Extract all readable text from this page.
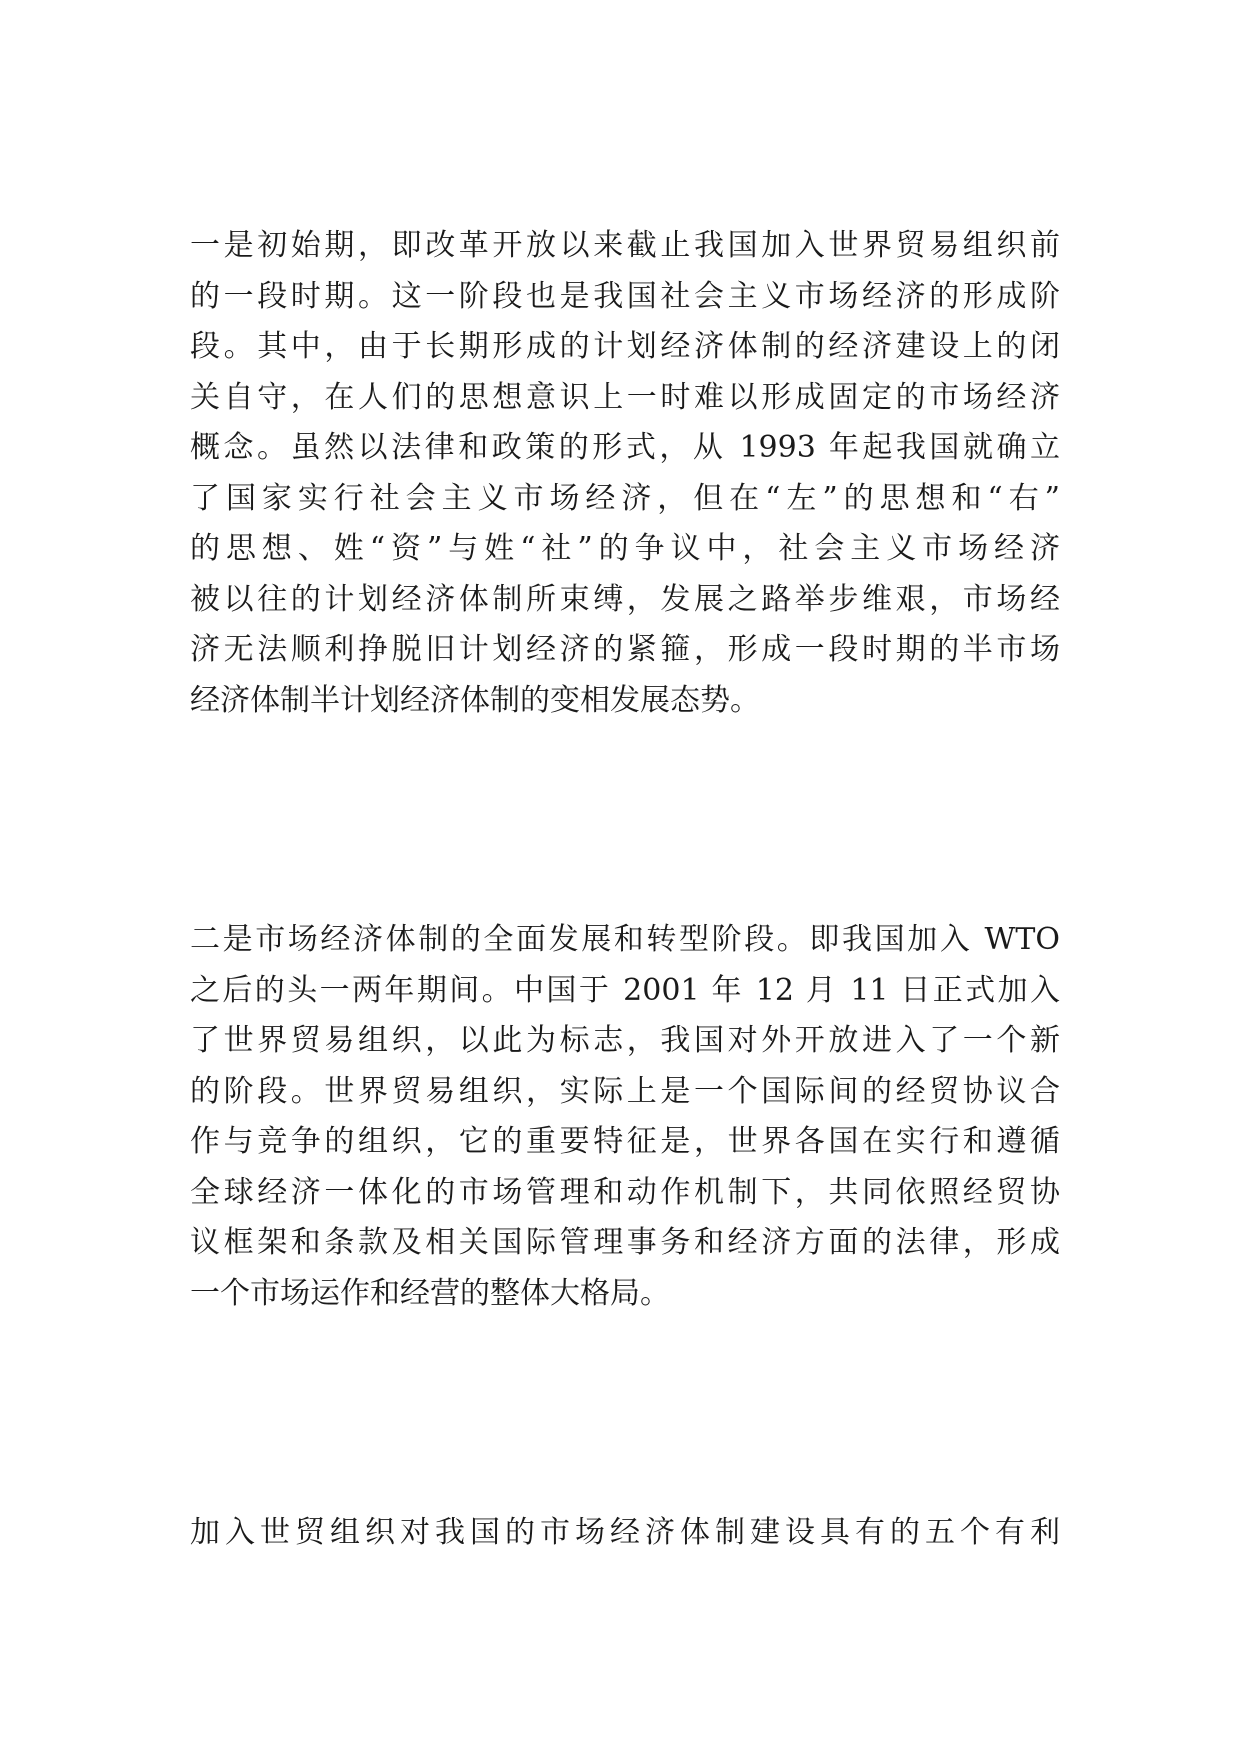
一是初始期，即改革开放以来截止我国加入世界贸易组织前
的一段时期。这一阶段也是我国社会主义市场经济的形成阶
段。其中，由于长期形成的计划经济体制的经济建设上的闭
关自守，在人们的思想意识上一时难以形成固定的市场经济
概念。虽然以法律和政策的形式，从 1993 年起我国就确立
了国家实行社会主义市场经济，但在“左”的思想和“右”
的思想、姓“资”与姓“社”的争议中，社会主义市场经济
被以往的计划经济体制所束缚，发展之路举步维艰，市场经
济无法顺利挣脱旧计划经济的紧箍，形成一段时期的半市场
经济体制半计划经济体制的变相发展态势。

二是市场经济体制的全面发展和转型阶段。即我国加入 WTO
之后的头一两年期间。中国于 2001 年 12 月 11 日正式加入
了世界贸易组织，以此为标志，我国对外开放进入了一个新
的阶段。世界贸易组织，实际上是一个国际间的经贸协议合
作与竞争的组织，它的重要特征是，世界各国在实行和遵循
全球经济一体化的市场管理和动作机制下，共同依照经贸协
议框架和条款及相关国际管理事务和经济方面的法律，形成
一个市场运作和经营的整体大格局。

加入世贸组织对我国的市场经济体制建设具有的五个有利
